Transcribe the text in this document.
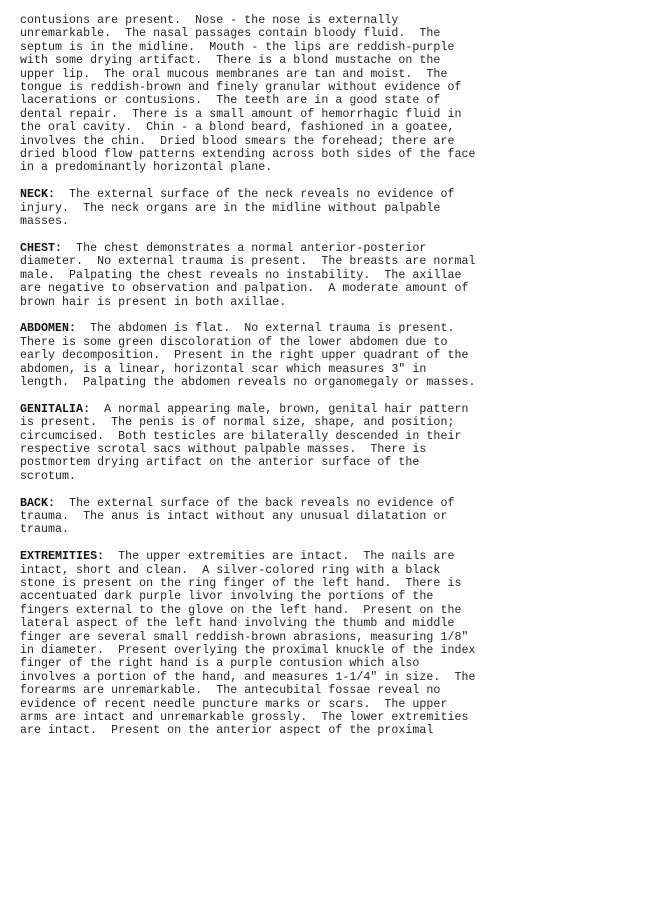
contusions are present.  Nose - the nose is externally
unremarkable.  The nasal passages contain bloody fluid.  The
septum is in the midline.  Mouth - the lips are reddish-purple
with some drying artifact.  There is a blond mustache on the
upper lip.  The oral mucous membranes are tan and moist.  The
tongue is reddish-brown and finely granular without evidence of
lacerations or contusions.  The teeth are in a good state of
dental repair.  There is a small amount of hemorrhagic fluid in
the oral cavity.  Chin - a blond beard, fashioned in a goatee,
involves the chin.  Dried blood smears the forehead; there are
dried blood flow patterns extending across both sides of the face
in a predominantly horizontal plane.
NECK:  The external surface of the neck reveals no evidence of
injury.  The neck organs are in the midline without palpable
masses.
CHEST:  The chest demonstrates a normal anterior-posterior
diameter.  No external trauma is present.  The breasts are normal
male.  Palpating the chest reveals no instability.  The axillae
are negative to observation and palpation.  A moderate amount of
brown hair is present in both axillae.
ABDOMEN:  The abdomen is flat.  No external trauma is present.
There is some green discoloration of the lower abdomen due to
early decomposition.  Present in the right upper quadrant of the
abdomen, is a linear, horizontal scar which measures 3" in
length.  Palpating the abdomen reveals no organomegaly or masses.
GENITALIA:  A normal appearing male, brown, genital hair pattern
is present.  The penis is of normal size, shape, and position;
circumcised.  Both testicles are bilaterally descended in their
respective scrotal sacs without palpable masses.  There is
postmortem drying artifact on the anterior surface of the
scrotum.
BACK:  The external surface of the back reveals no evidence of
trauma.  The anus is intact without any unusual dilatation or
trauma.
EXTREMITIES:  The upper extremities are intact.  The nails are
intact, short and clean.  A silver-colored ring with a black
stone is present on the ring finger of the left hand.  There is
accentuated dark purple livor involving the portions of the
fingers external to the glove on the left hand.  Present on the
lateral aspect of the left hand involving the thumb and middle
finger are several small reddish-brown abrasions, measuring 1/8"
in diameter.  Present overlying the proximal knuckle of the index
finger of the right hand is a purple contusion which also
involves a portion of the hand, and measures 1-1/4" in size.  The
forearms are unremarkable.  The antecubital fossae reveal no
evidence of recent needle puncture marks or scars.  The upper
arms are intact and unremarkable grossly.  The lower extremities
are intact.  Present on the anterior aspect of the proximal
